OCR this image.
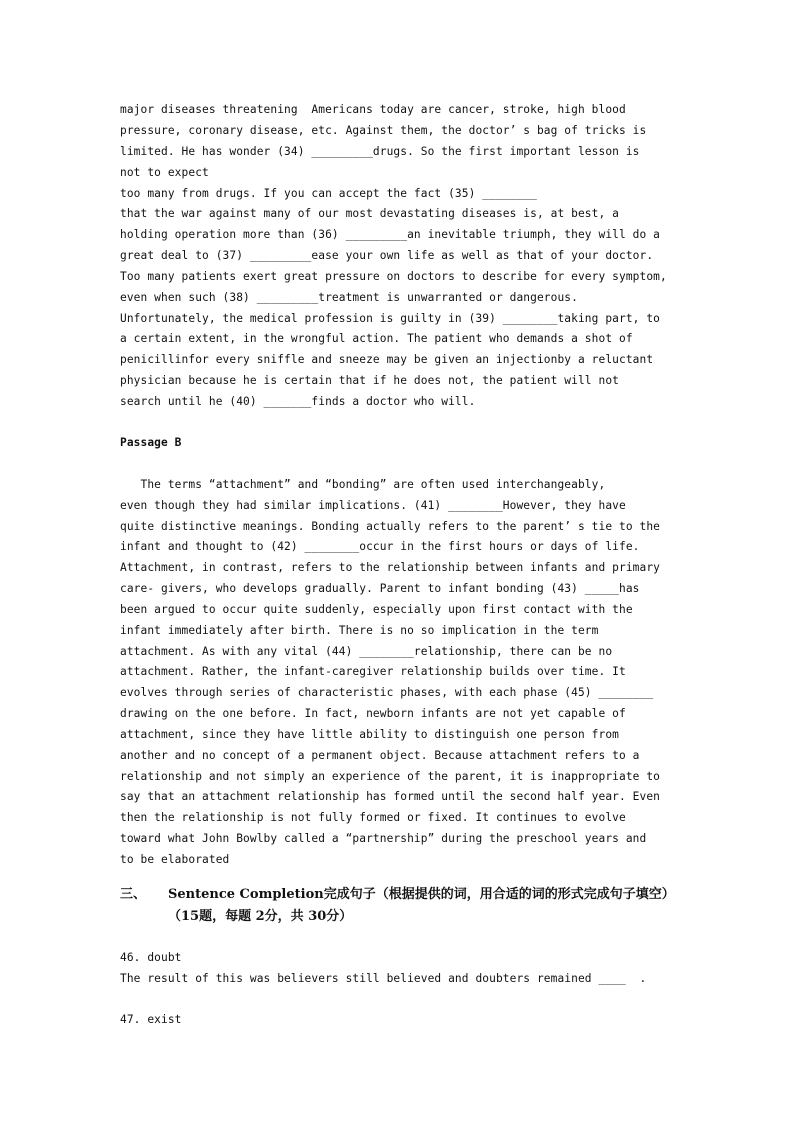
major diseases threatening  Americans today are cancer, stroke, high blood
pressure, coronary disease, etc. Against them, the doctor’ s bag of tricks is
limited. He has wonder (34) _________drugs. So the first important lesson is
not to expect
too many from drugs. If you can accept the fact (35) ________
that the war against many of our most devastating diseases is, at best, a
holding operation more than (36) _________an inevitable triumph, they will do a
great deal to (37) _________ease your own life as well as that of your doctor.
Too many patients exert great pressure on doctors to describe for every symptom,
even when such (38) _________treatment is unwarranted or dangerous.
Unfortunately, the medical profession is guilty in (39) ________taking part, to
a certain extent, in the wrongful action. The patient who demands a shot of
penicillinfor every sniffle and sneeze may be given an injectionby a reluctant
physician because he is certain that if he does not, the patient will not
search until he (40) _______finds a doctor who will.
Passage B
The terms “attachment” and “bonding” are often used interchangeably,
even though they had similar implications. (41) ________However, they have
quite distinctive meanings. Bonding actually refers to the parent’ s tie to the
infant and thought to (42) ________occur in the first hours or days of life.
Attachment, in contrast, refers to the relationship between infants and primary
care- givers, who develops gradually. Parent to infant bonding (43) _____has
been argued to occur quite suddenly, especially upon first contact with the
infant immediately after birth. There is no so implication in the term
attachment. As with any vital (44) ________relationship, there can be no
attachment. Rather, the infant-caregiver relationship builds over time. It
evolves through series of characteristic phases, with each phase (45) ________
drawing on the one before. In fact, newborn infants are not yet capable of
attachment, since they have little ability to distinguish one person from
another and no concept of a permanent object. Because attachment refers to a
relationship and not simply an experience of the parent, it is inappropriate to
say that an attachment relationship has formed until the second half year. Even
then the relationship is not fully formed or fixed. It continues to evolve
toward what John Bowlby called a “partnership” during the preschool years and
to be elaborated
三、 Sentence Completion完成句子（根据提供的词，用合适的词的形式完成句子填空）
（15题，每题 2分，共 30分）
46. doubt
The result of this was believers still believed and doubters remained ____  .
47. exist
